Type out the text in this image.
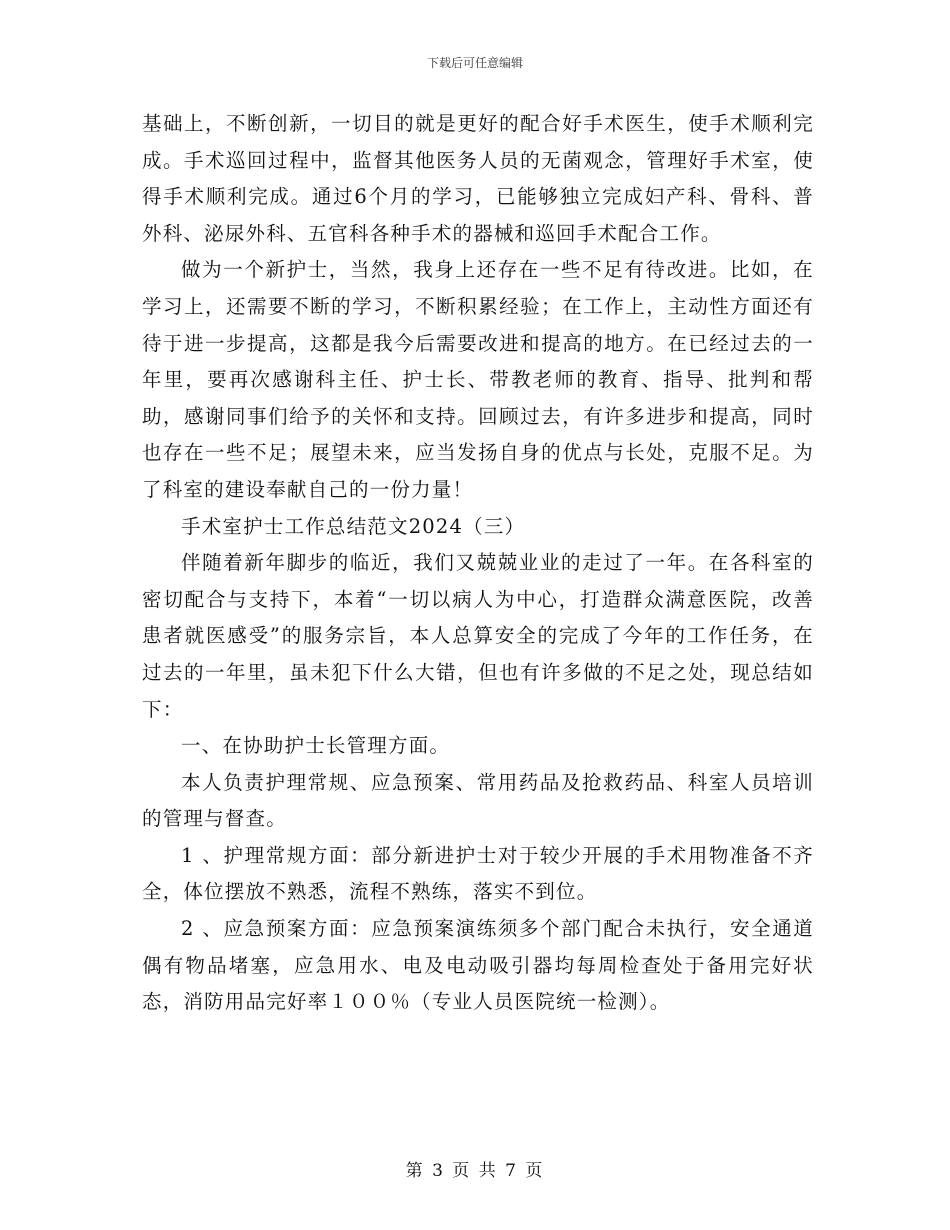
下载后可任意编辑

基础上，不断创新，一切目的就是更好的配合好手术医生，使手术顺利完成。手术巡回过程中，监督其他医务人员的无菌观念，管理好手术室，使得手术顺利完成。通过6个月的学习，已能够独立完成妇产科、骨科、普外科、泌尿外科、五官科各种手术的器械和巡回手术配合工作。

做为一个新护士，当然，我身上还存在一些不足有待改进。比如，在学习上，还需要不断的学习，不断积累经验；在工作上，主动性方面还有待于进一步提高，这都是我今后需要改进和提高的地方。在已经过去的一年里，要再次感谢科主任、护士长、带教老师的教育、指导、批判和帮助，感谢同事们给予的关怀和支持。回顾过去，有许多进步和提高，同时也存在一些不足；展望未来，应当发扬自身的优点与长处，克服不足。为了科室的建设奉献自己的一份力量！

手术室护士工作总结范文2024（三）

伴随着新年脚步的临近，我们又兢兢业业的走过了一年。在各科室的密切配合与支持下，本着“一切以病人为中心，打造群众满意医院，改善患者就医感受”的服务宗旨，本人总算安全的完成了今年的工作任务，在过去的一年里，虽未犯下什么大错，但也有许多做的不足之处，现总结如下：

一、在协助护士长管理方面。

本人负责护理常规、应急预案、常用药品及抢救药品、科室人员培训的管理与督查。

1 、护理常规方面：部分新进护士对于较少开展的手术用物准备不齐全，体位摆放不熟悉，流程不熟练，落实不到位。

2 、应急预案方面：应急预案演练须多个部门配合未执行，安全通道偶有物品堵塞，应急用水、电及电动吸引器均每周检查处于备用完好状态，消防用品完好率１００％（专业人员医院统一检测）。

第 3 页 共 7 页
